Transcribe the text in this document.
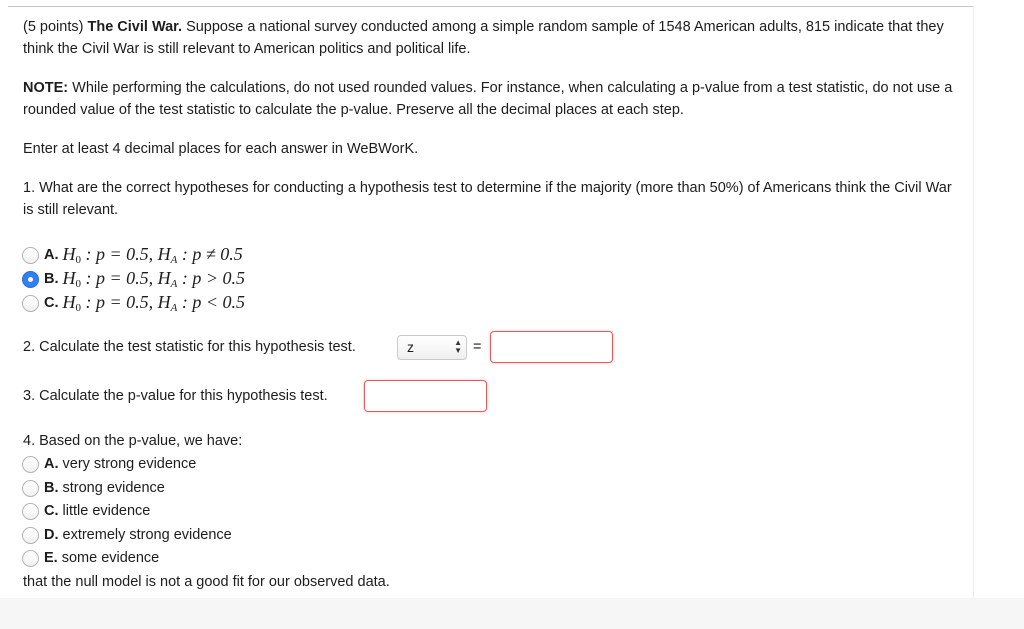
(5 points) The Civil War. Suppose a national survey conducted among a simple random sample of 1548 American adults, 815 indicate that they think the Civil War is still relevant to American politics and political life.

NOTE: While performing the calculations, do not used rounded values. For instance, when calculating a p-value from a test statistic, do not use a rounded value of the test statistic to calculate the p-value. Preserve all the decimal places at each step.

Enter at least 4 decimal places for each answer in WeBWorK.

1. What are the correct hypotheses for conducting a hypothesis test to determine if the majority (more than 50%) of Americans think the Civil War is still relevant.

A. $H_0$ : p = 0.5, $H_A$ : p ≠ 0.5
B. $H_0$ : p = 0.5, $H_A$ : p > 0.5
C. $H_0$ : p = 0.5, $H_A$ : p < 0.5
2. Calculate the test statistic for this hypothesis test.	z	▲
▼ =
3. Calculate the p-value for this hypothesis test.
4. Based on the p-value, we have:
A. very strong evidence
B. strong evidence
C. little evidence
D. extremely strong evidence
E. some evidence
that the null model is not a good fit for our observed data.
